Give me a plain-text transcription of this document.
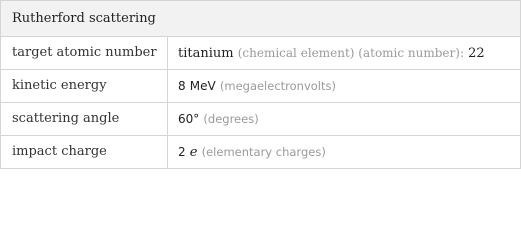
Rutherford scattering
target atomic number	titanium (chemical element) (atomic number): 22
kinetic energy	8 MeV (megaelectronvolts)
scattering angle	60° (degrees)
impact charge	2 e (elementary charges)
